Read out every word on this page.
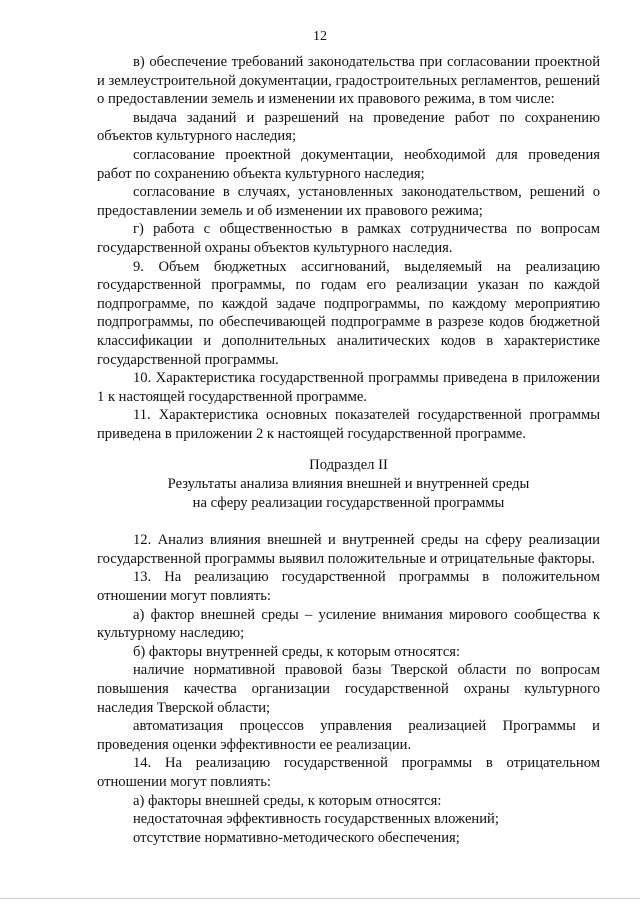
12

в) обеспечение требований законодательства при согласовании проектной и землеустроительной документации, градостроительных регламентов, решений о предоставлении земель и изменении их правового режима, в том числе:

выдача заданий и разрешений на проведение работ по сохранению объектов культурного наследия;

согласование проектной документации, необходимой для проведения работ по сохранению объекта культурного наследия;

согласование в случаях, установленных законодательством, решений о предоставлении земель и об изменении их правового режима;

г) работа с общественностью в рамках сотрудничества по вопросам государственной охраны объектов культурного наследия.

9. Объем бюджетных ассигнований, выделяемый на реализацию государственной программы, по годам его реализации указан по каждой подпрограмме, по каждой задаче подпрограммы, по каждому мероприятию подпрограммы, по обеспечивающей подпрограмме в разрезе кодов бюджетной классификации и дополнительных аналитических кодов в характеристике государственной программы.

10. Характеристика государственной программы приведена в приложении 1 к настоящей государственной программе.

11. Характеристика основных показателей государственной программы приведена в приложении 2 к настоящей государственной программе.

Подраздел II
Результаты анализа влияния внешней и внутренней среды
на сферу реализации государственной программы

12. Анализ влияния внешней и внутренней среды на сферу реализации государственной программы выявил положительные и отрицательные факторы.

13. На реализацию государственной программы в положительном отношении могут повлиять:

а) фактор внешней среды – усиление внимания мирового сообщества к культурному наследию;

б) факторы внутренней среды, к которым относятся:

наличие нормативной правовой базы Тверской области по вопросам повышения качества организации государственной охраны культурного наследия Тверской области;

автоматизация процессов управления реализацией Программы и проведения оценки эффективности ее реализации.

14. На реализацию государственной программы в отрицательном отношении могут повлиять:

а) факторы внешней среды, к которым относятся:

недостаточная эффективность государственных вложений;

отсутствие нормативно-методического обеспечения;
